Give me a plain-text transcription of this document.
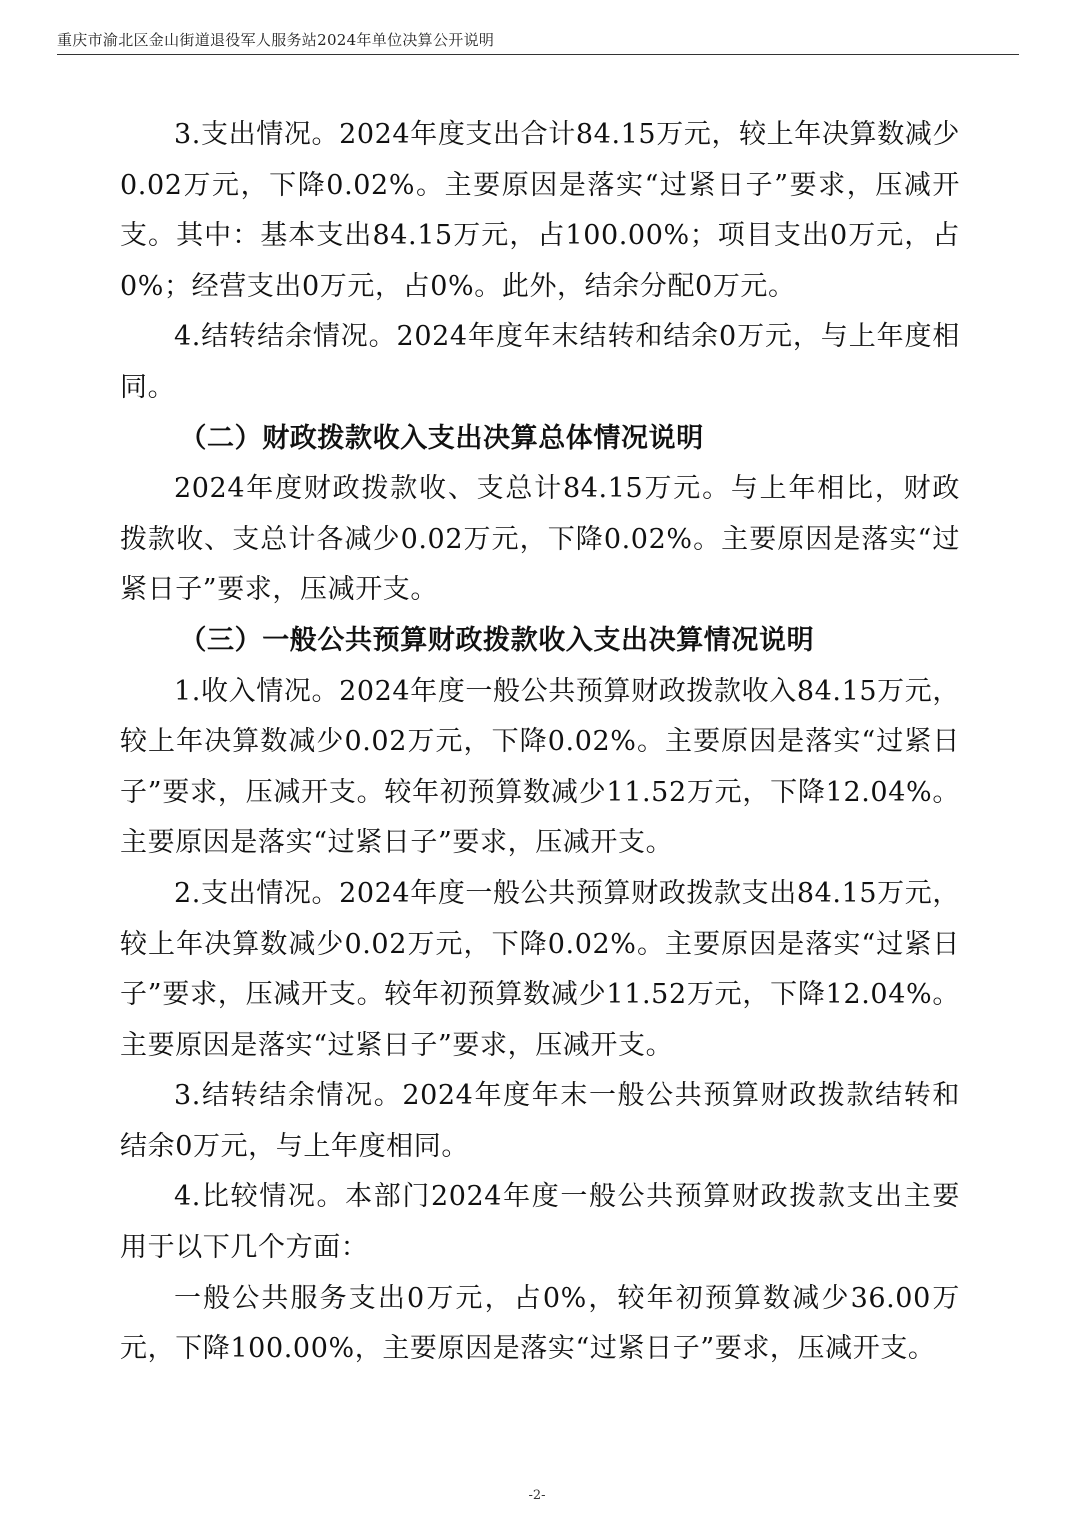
重庆市渝北区金山街道退役军人服务站2024年单位决算公开说明

3.支出情况。2024年度支出合计84.15万元，较上年决算数减少0.02万元，下降0.02%。主要原因是落实“过紧日子”要求，压减开支。其中：基本支出84.15万元，占100.00%；项目支出0万元，占0%；经营支出0万元，占0%。此外，结余分配0万元。

4.结转结余情况。2024年度年末结转和结余0万元，与上年度相同。

（二）财政拨款收入支出决算总体情况说明

2024年度财政拨款收、支总计84.15万元。与上年相比，财政拨款收、支总计各减少0.02万元，下降0.02%。主要原因是落实“过紧日子”要求，压减开支。

（三）一般公共预算财政拨款收入支出决算情况说明

1.收入情况。2024年度一般公共预算财政拨款收入84.15万元，较上年决算数减少0.02万元，下降0.02%。主要原因是落实“过紧日子”要求，压减开支。较年初预算数减少11.52万元，下降12.04%。主要原因是落实“过紧日子”要求，压减开支。

2.支出情况。2024年度一般公共预算财政拨款支出84.15万元，较上年决算数减少0.02万元，下降0.02%。主要原因是落实“过紧日子”要求，压减开支。较年初预算数减少11.52万元，下降12.04%。主要原因是落实“过紧日子”要求，压减开支。

3.结转结余情况。2024年度年末一般公共预算财政拨款结转和结余0万元，与上年度相同。

4.比较情况。本部门2024年度一般公共预算财政拨款支出主要用于以下几个方面：

一般公共服务支出0万元，占0%，较年初预算数减少36.00万元，下降100.00%，主要原因是落实“过紧日子”要求，压减开支。

-2-
